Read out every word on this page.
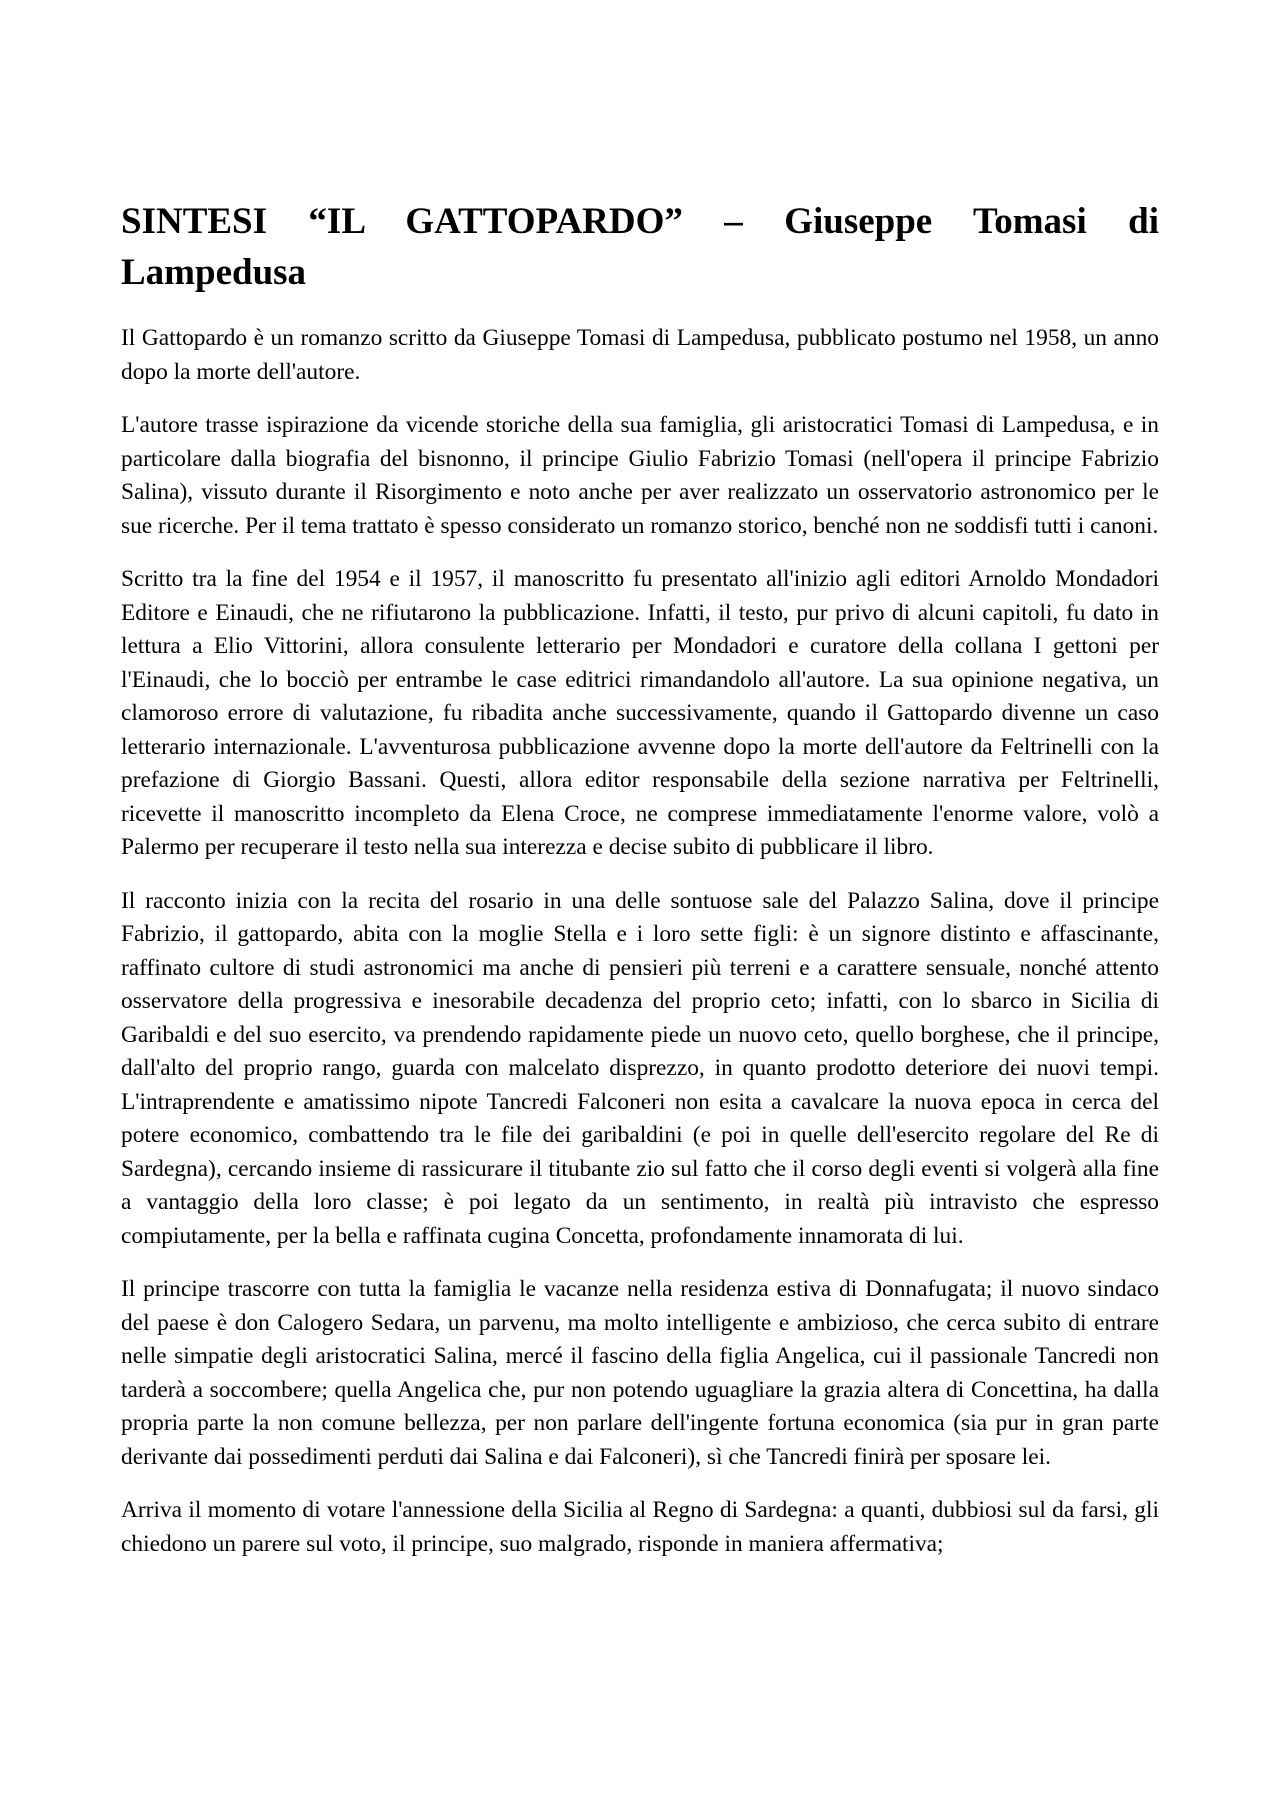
SINTESI “IL GATTOPARDO” – Giuseppe Tomasi di Lampedusa

Il Gattopardo è un romanzo scritto da Giuseppe Tomasi di Lampedusa, pubblicato postumo nel 1958, un anno dopo la morte dell'autore.

L'autore trasse ispirazione da vicende storiche della sua famiglia, gli aristocratici Tomasi di Lampedusa, e in particolare dalla biografia del bisnonno, il principe Giulio Fabrizio Tomasi (nell'opera il principe Fabrizio Salina), vissuto durante il Risorgimento e noto anche per aver realizzato un osservatorio astronomico per le sue ricerche. Per il tema trattato è spesso considerato un romanzo storico, benché non ne soddisfi tutti i canoni.

Scritto tra la fine del 1954 e il 1957, il manoscritto fu presentato all'inizio agli editori Arnoldo Mondadori Editore e Einaudi, che ne rifiutarono la pubblicazione. Infatti, il testo, pur privo di alcuni capitoli, fu dato in lettura a Elio Vittorini, allora consulente letterario per Mondadori e curatore della collana I gettoni per l'Einaudi, che lo bocciò per entrambe le case editrici rimandandolo all'autore. La sua opinione negativa, un clamoroso errore di valutazione, fu ribadita anche successivamente, quando il Gattopardo divenne un caso letterario internazionale. L'avventurosa pubblicazione avvenne dopo la morte dell'autore da Feltrinelli con la prefazione di Giorgio Bassani. Questi, allora editor responsabile della sezione narrativa per Feltrinelli, ricevette il manoscritto incompleto da Elena Croce, ne comprese immediatamente l'enorme valore, volò a Palermo per recuperare il testo nella sua interezza e decise subito di pubblicare il libro.

Il racconto inizia con la recita del rosario in una delle sontuose sale del Palazzo Salina, dove il principe Fabrizio, il gattopardo, abita con la moglie Stella e i loro sette figli: è un signore distinto e affascinante, raffinato cultore di studi astronomici ma anche di pensieri più terreni e a carattere sensuale, nonché attento osservatore della progressiva e inesorabile decadenza del proprio ceto; infatti, con lo sbarco in Sicilia di Garibaldi e del suo esercito, va prendendo rapidamente piede un nuovo ceto, quello borghese, che il principe, dall'alto del proprio rango, guarda con malcelato disprezzo, in quanto prodotto deteriore dei nuovi tempi. L'intraprendente e amatissimo nipote Tancredi Falconeri non esita a cavalcare la nuova epoca in cerca del potere economico, combattendo tra le file dei garibaldini (e poi in quelle dell'esercito regolare del Re di Sardegna), cercando insieme di rassicurare il titubante zio sul fatto che il corso degli eventi si volgerà alla fine a vantaggio della loro classe; è poi legato da un sentimento, in realtà più intravisto che espresso compiutamente, per la bella e raffinata cugina Concetta, profondamente innamorata di lui.

Il principe trascorre con tutta la famiglia le vacanze nella residenza estiva di Donnafugata; il nuovo sindaco del paese è don Calogero Sedara, un parvenu, ma molto intelligente e ambizioso, che cerca subito di entrare nelle simpatie degli aristocratici Salina, mercé il fascino della figlia Angelica, cui il passionale Tancredi non tarderà a soccombere; quella Angelica che, pur non potendo uguagliare la grazia altera di Concettina, ha dalla propria parte la non comune bellezza, per non parlare dell'ingente fortuna economica (sia pur in gran parte derivante dai possedimenti perduti dai Salina e dai Falconeri), sì che Tancredi finirà per sposare lei.

Arriva il momento di votare l'annessione della Sicilia al Regno di Sardegna: a quanti, dubbiosi sul da farsi, gli chiedono un parere sul voto, il principe, suo malgrado, risponde in maniera affermativa;
